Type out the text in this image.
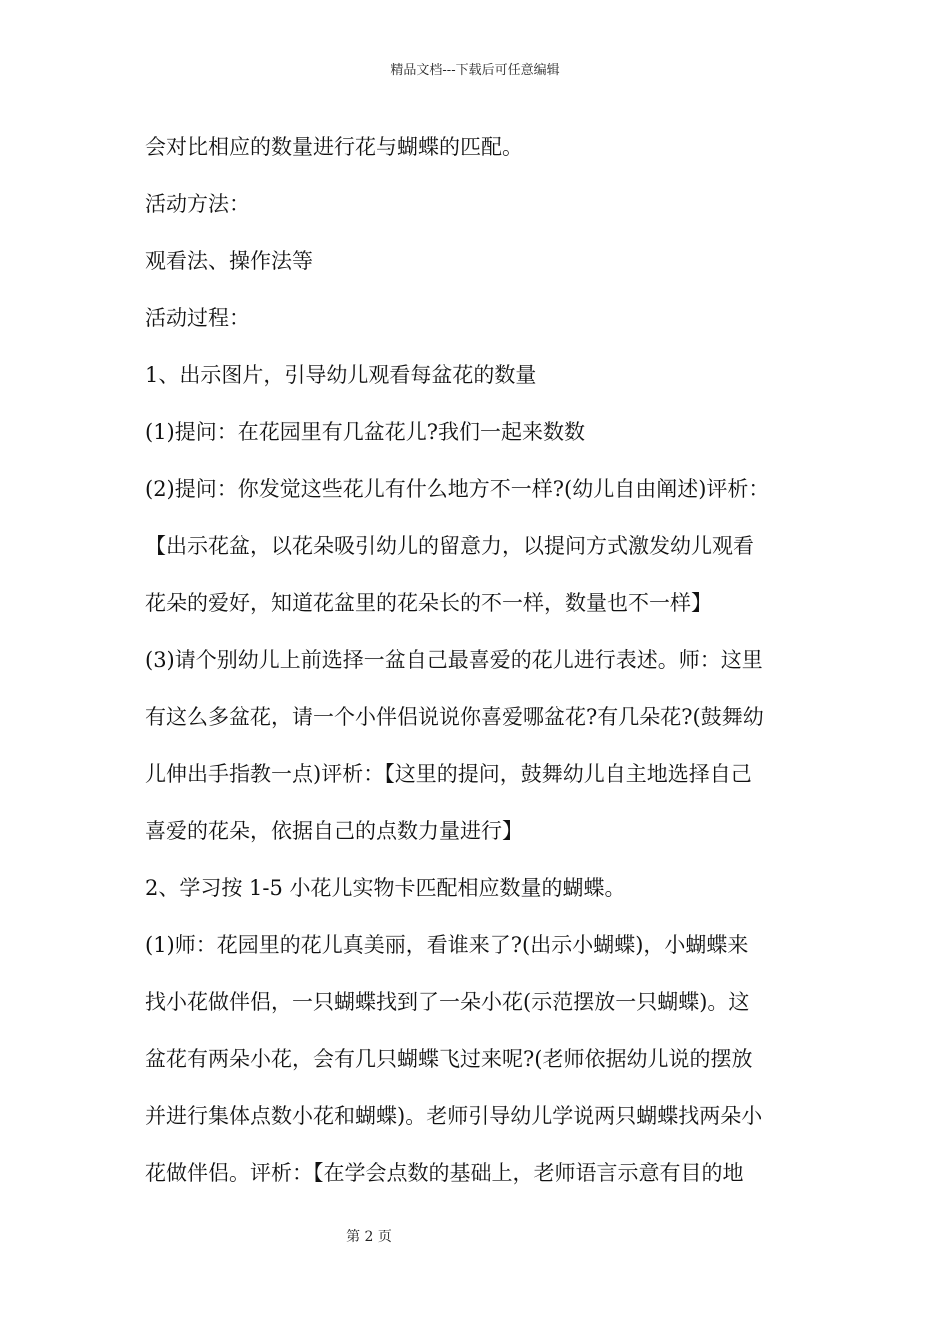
精品文档---下载后可任意编辑
会对比相应的数量进行花与蝴蝶的匹配。
活动方法：
观看法、操作法等
活动过程：
1、出示图片，引导幼儿观看每盆花的数量
(1)提问：在花园里有几盆花儿?我们一起来数数
(2)提问：你发觉这些花儿有什么地方不一样?(幼儿自由阐述)评析：
【出示花盆，以花朵吸引幼儿的留意力，以提问方式激发幼儿观看
花朵的爱好，知道花盆里的花朵长的不一样，数量也不一样】
(3)请个别幼儿上前选择一盆自己最喜爱的花儿进行表述。师：这里
有这么多盆花，请一个小伴侣说说你喜爱哪盆花?有几朵花?(鼓舞幼
儿伸出手指教一点)评析：【这里的提问，鼓舞幼儿自主地选择自己
喜爱的花朵，依据自己的点数力量进行】
2、学习按 1-5 小花儿实物卡匹配相应数量的蝴蝶。
(1)师：花园里的花儿真美丽，看谁来了?(出示小蝴蝶)，小蝴蝶来
找小花做伴侣，一只蝴蝶找到了一朵小花(示范摆放一只蝴蝶)。这
盆花有两朵小花，会有几只蝴蝶飞过来呢?(老师依据幼儿说的摆放
并进行集体点数小花和蝴蝶)。老师引导幼儿学说两只蝴蝶找两朵小
花做伴侣。评析：【在学会点数的基础上，老师语言示意有目的地
第 2 页
